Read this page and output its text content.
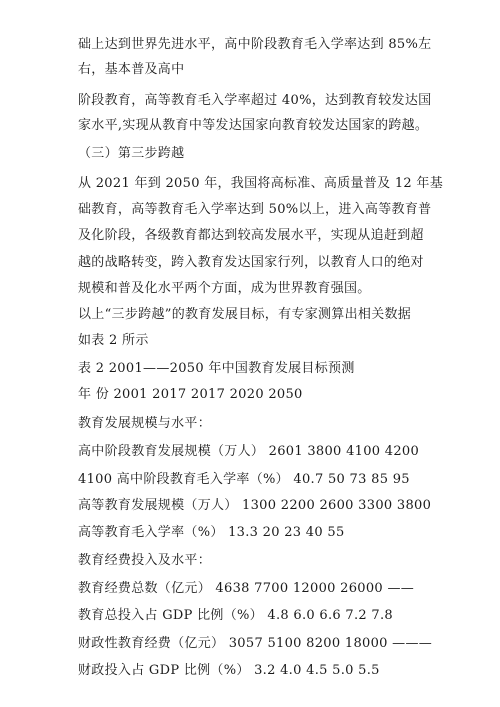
础上达到世界先进水平，高中阶段教育毛入学率达到 85%左
右，基本普及高中
阶段教育，高等教育毛入学率超过 40%，达到教育较发达国
家水平,实现从教育中等发达国家向教育较发达国家的跨越。
（三）第三步跨越
从 2021 年到 2050 年，我国将高标准、高质量普及 12 年基
础教育，高等教育毛入学率达到 50%以上，进入高等教育普
及化阶段，各级教育都达到较高发展水平，实现从追赶到超
越的战略转变，跨入教育发达国家行列，以教育人口的绝对
规模和普及化水平两个方面，成为世界教育强国。
以上“三步跨越”的教育发展目标，有专家测算出相关数据
如表 2 所示
表 2 2001——2050 年中国教育发展目标预测
年 份 2001 2017 2017 2020 2050
教育发展规模与水平：
高中阶段教育发展规模（万人） 2601 3800 4100 4200
4100 高中阶段教育毛入学率（%） 40.7 50 73 85 95
高等教育发展规模（万人） 1300 2200 2600 3300 3800
高等教育毛入学率（%） 13.3 20 23 40 55
教育经费投入及水平：
教育经费总数（亿元） 4638 7700 12000 26000 ——
教育总投入占 GDP 比例（%） 4.8 6.0 6.6 7.2 7.8
财政性教育经费（亿元） 3057 5100 8200 18000 ———
财政投入占 GDP 比例（%） 3.2 4.0 4.5 5.0 5.5
